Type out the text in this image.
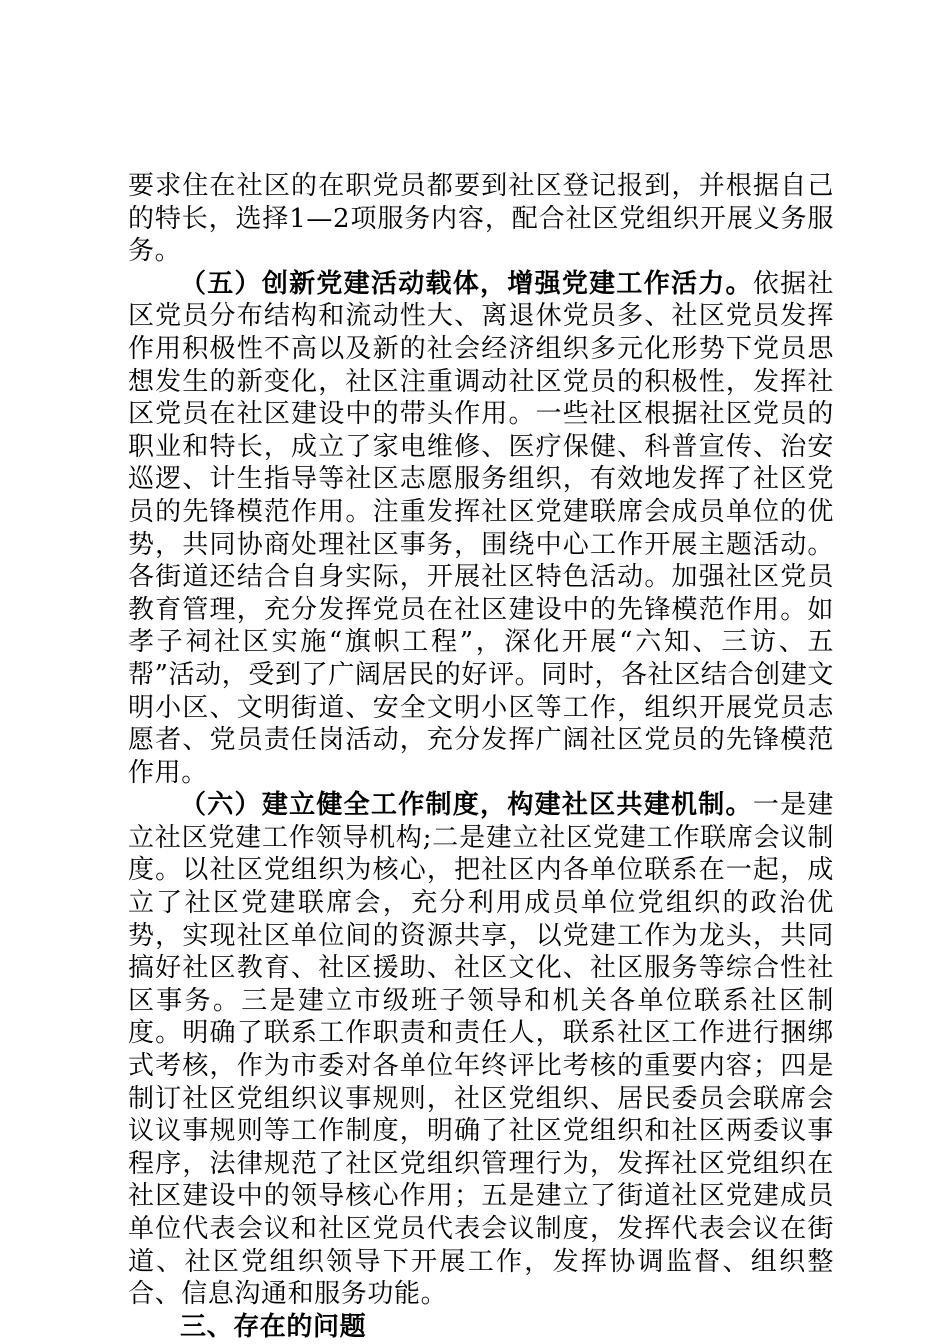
要求住在社区的在职党员都要到社区登记报到，并根据自己的特长，选择1—2项服务内容，配合社区党组织开展义务服务。

（五）创新党建活动载体，增强党建工作活力。依据社区党员分布结构和流动性大、离退休党员多、社区党员发挥作用积极性不高以及新的社会经济组织多元化形势下党员思想发生的新变化，社区注重调动社区党员的积极性，发挥社区党员在社区建设中的带头作用。一些社区根据社区党员的职业和特长，成立了家电维修、医疗保健、科普宣传、治安巡逻、计生指导等社区志愿服务组织，有效地发挥了社区党员的先锋模范作用。注重发挥社区党建联席会成员单位的优势，共同协商处理社区事务，围绕中心工作开展主题活动。各街道还结合自身实际，开展社区特色活动。加强社区党员教育管理，充分发挥党员在社区建设中的先锋模范作用。如孝子祠社区实施“旗帜工程”，深化开展“六知、三访、五帮”活动，受到了广阔居民的好评。同时，各社区结合创建文明小区、文明街道、安全文明小区等工作，组织开展党员志愿者、党员责任岗活动，充分发挥广阔社区党员的先锋模范作用。

（六）建立健全工作制度，构建社区共建机制。一是建立社区党建工作领导机构;二是建立社区党建工作联席会议制度。以社区党组织为核心，把社区内各单位联系在一起，成立了社区党建联席会，充分利用成员单位党组织的政治优势，实现社区单位间的资源共享，以党建工作为龙头，共同搞好社区教育、社区援助、社区文化、社区服务等综合性社区事务。三是建立市级班子领导和机关各单位联系社区制度。明确了联系工作职责和责任人，联系社区工作进行捆绑式考核，作为市委对各单位年终评比考核的重要内容；四是制订社区党组织议事规则，社区党组织、居民委员会联席会议议事规则等工作制度，明确了社区党组织和社区两委议事程序，法律规范了社区党组织管理行为，发挥社区党组织在社区建设中的领导核心作用；五是建立了街道社区党建成员单位代表会议和社区党员代表会议制度，发挥代表会议在街道、社区党组织领导下开展工作，发挥协调监督、组织整合、信息沟通和服务功能。

三、存在的问题
